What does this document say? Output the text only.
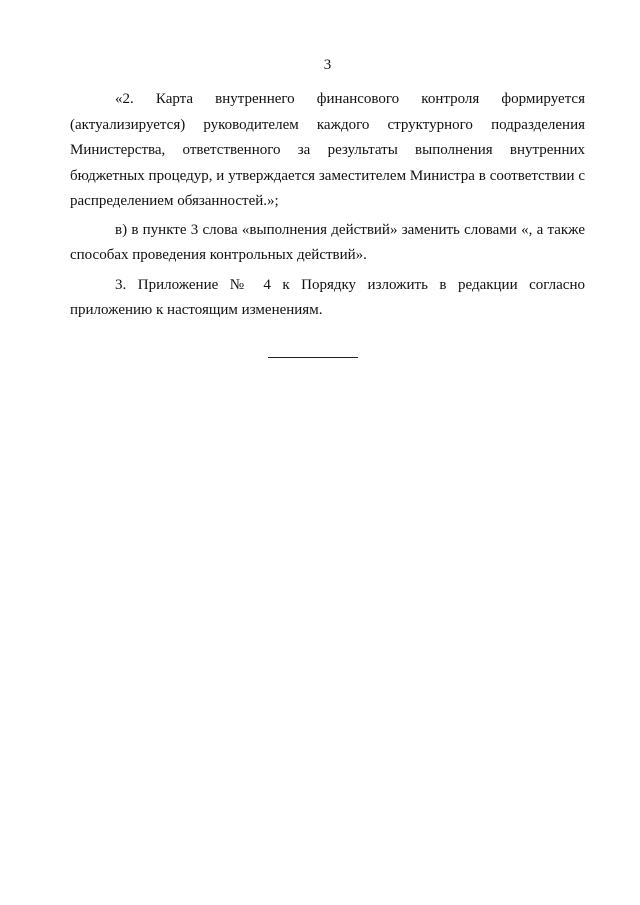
3

«2. Карта внутреннего финансового контроля формируется (актуализируется) руководителем каждого структурного подразделения Министерства, ответственного за результаты выполнения внутренних бюджетных процедур, и утверждается заместителем Министра в соответствии с распределением обязанностей.»;

в) в пункте 3 слова «выполнения действий» заменить словами «, а также способах проведения контрольных действий».

3. Приложение № 4 к Порядку изложить в редакции согласно приложению к настоящим изменениям.
